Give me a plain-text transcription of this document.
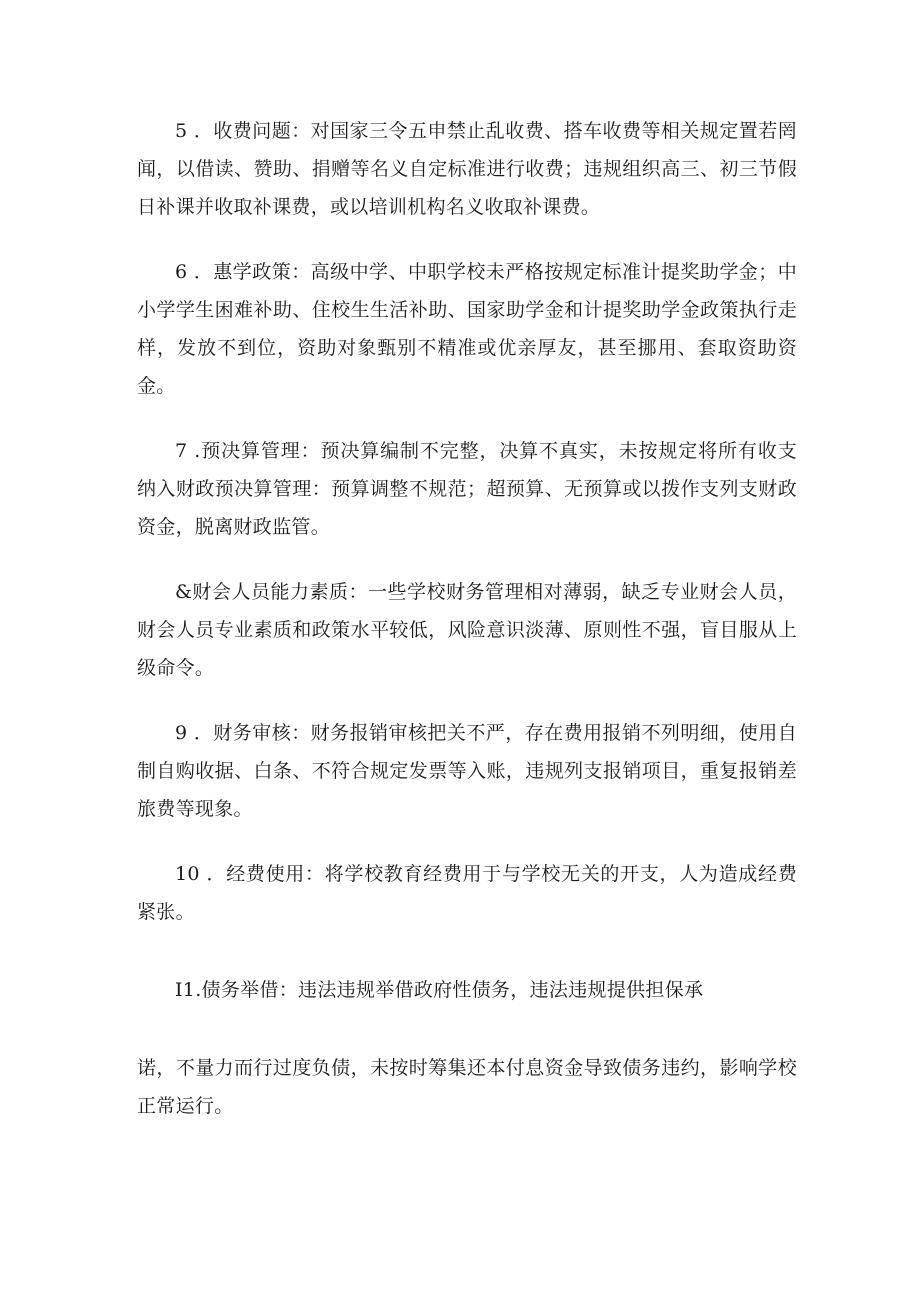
5 ．收费问题：对国家三令五申禁止乱收费、搭车收费等相关规定置若罔闻，以借读、赞助、捐赠等名义自定标准进行收费；违规组织高三、初三节假日补课并收取补课费，或以培训机构名义收取补课费。

6 ．惠学政策：高级中学、中职学校未严格按规定标准计提奖助学金；中小学学生困难补助、住校生生活补助、国家助学金和计提奖助学金政策执行走样，发放不到位，资助对象甄别不精准或优亲厚友，甚至挪用、套取资助资金。

7 .预决算管理：预决算编制不完整，决算不真实，未按规定将所有收支纳入财政预决算管理：预算调整不规范；超预算、无预算或以拨作支列支财政资金，脱离财政监管。

&财会人员能力素质：一些学校财务管理相对薄弱，缺乏专业财会人员，财会人员专业素质和政策水平较低，风险意识淡薄、原则性不强，盲目服从上级命令。

9 ．财务审核：财务报销审核把关不严，存在费用报销不列明细，使用自制自购收据、白条、不符合规定发票等入账，违规列支报销项目，重复报销差旅费等现象。

10 ．经费使用：将学校教育经费用于与学校无关的开支，人为造成经费紧张。

I1.债务举借：违法违规举借政府性债务，违法违规提供担保承

诺，不量力而行过度负债，未按时筹集还本付息资金导致债务违约，影响学校正常运行。
